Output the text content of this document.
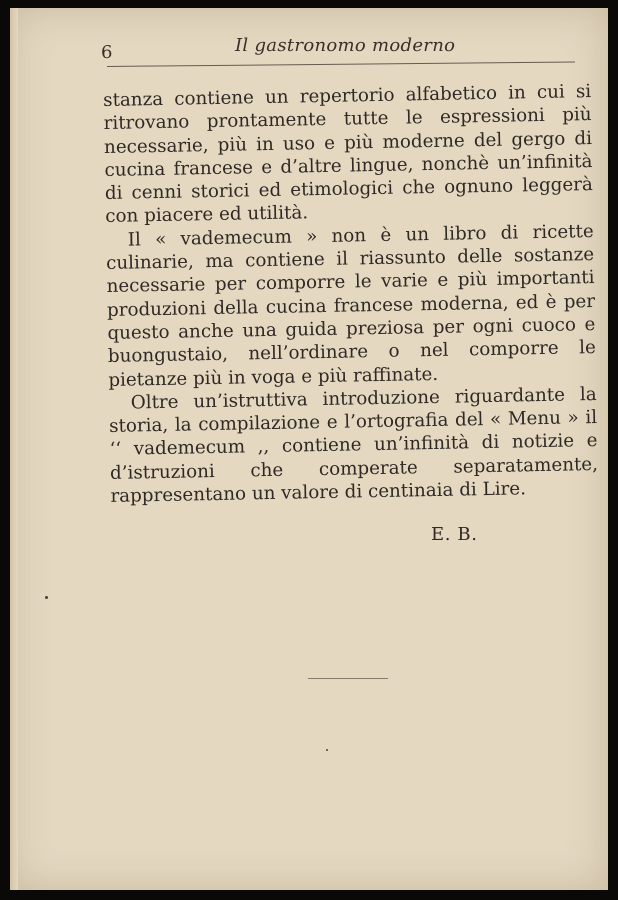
6	Il gastronomo moderno

stanza contiene un repertorio alfabetico in cui si ritrovano prontamente tutte le espressioni più necessarie, più in uso e più moderne del gergo di cucina francese e d’altre lingue, nonchè un’infinità di cenni storici ed etimologici che ognuno leggerà con piacere ed utilità.

Il « vademecum » non è un libro di ricette culinarie, ma contiene il riassunto delle sostanze necessarie per comporre le varie e più importanti produzioni della cucina francese moderna, ed è per questo anche una guida preziosa per ogni cuoco e buongustaio, nell’ordinare o nel comporre le pietanze più in voga e più raffinate.

Oltre un’istruttiva introduzione riguardante la storia, la compilazione e l’ortografia del « Menu » il ‘‘ vademecum ,, contiene un’infinità di notizie e d’istruzioni che comperate separatamente, rappresentano un valore di centinaia di Lire.

E. B.
